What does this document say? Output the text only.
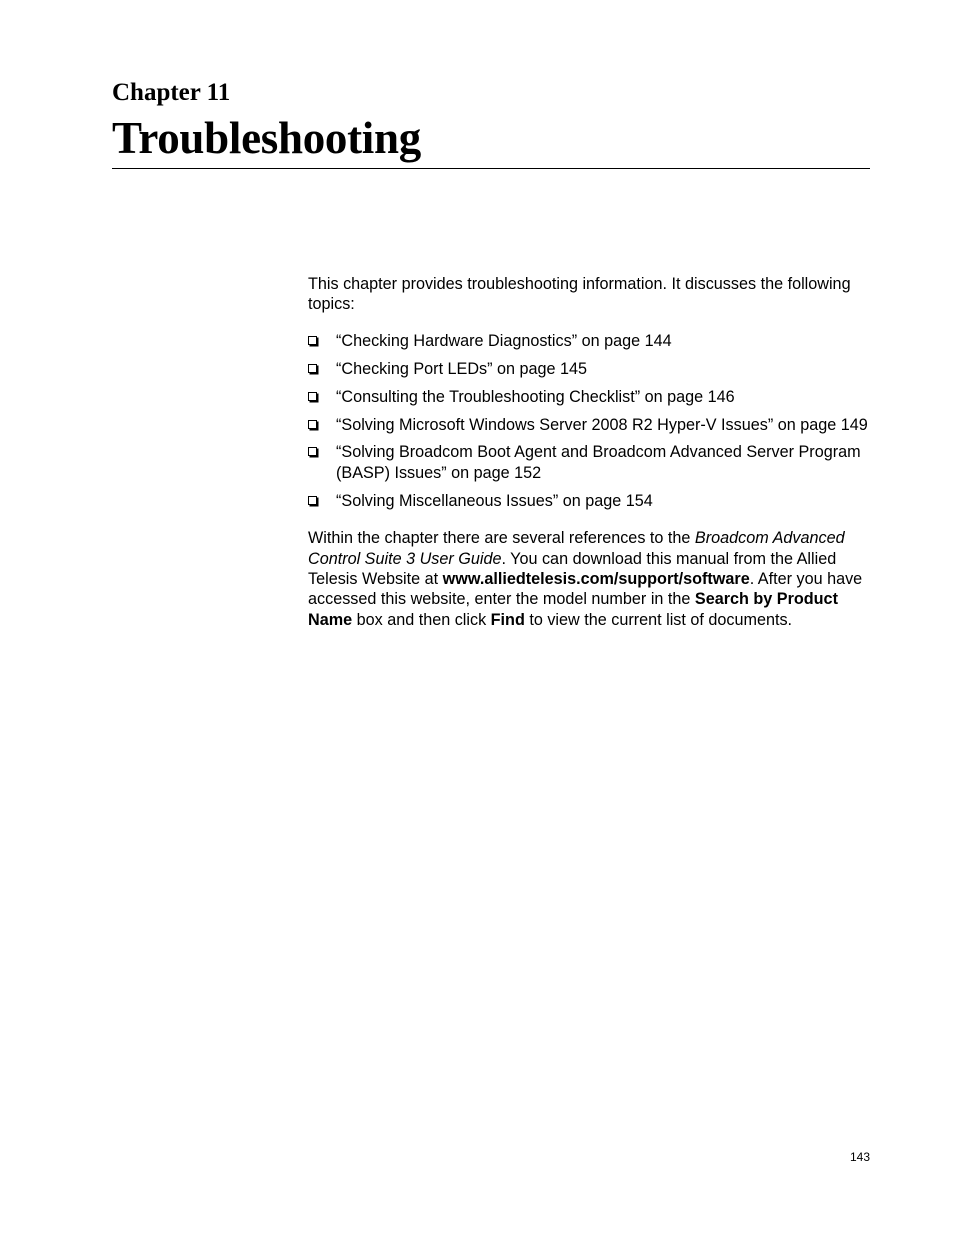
Chapter 11
Troubleshooting

This chapter provides troubleshooting information. It discusses the following topics:

“Checking Hardware Diagnostics” on page 144
“Checking Port LEDs” on page 145
“Consulting the Troubleshooting Checklist” on page 146
“Solving Microsoft Windows Server 2008 R2 Hyper-V Issues” on page 149
“Solving Broadcom Boot Agent and Broadcom Advanced Server Program (BASP) Issues” on page 152
“Solving Miscellaneous Issues” on page 154

Within the chapter there are several references to the Broadcom Advanced Control Suite 3 User Guide. You can download this manual from the Allied Telesis Website at www.alliedtelesis.com/support/software. After you have accessed this website, enter the model number in the Search by Product Name box and then click Find to view the current list of documents.

143
